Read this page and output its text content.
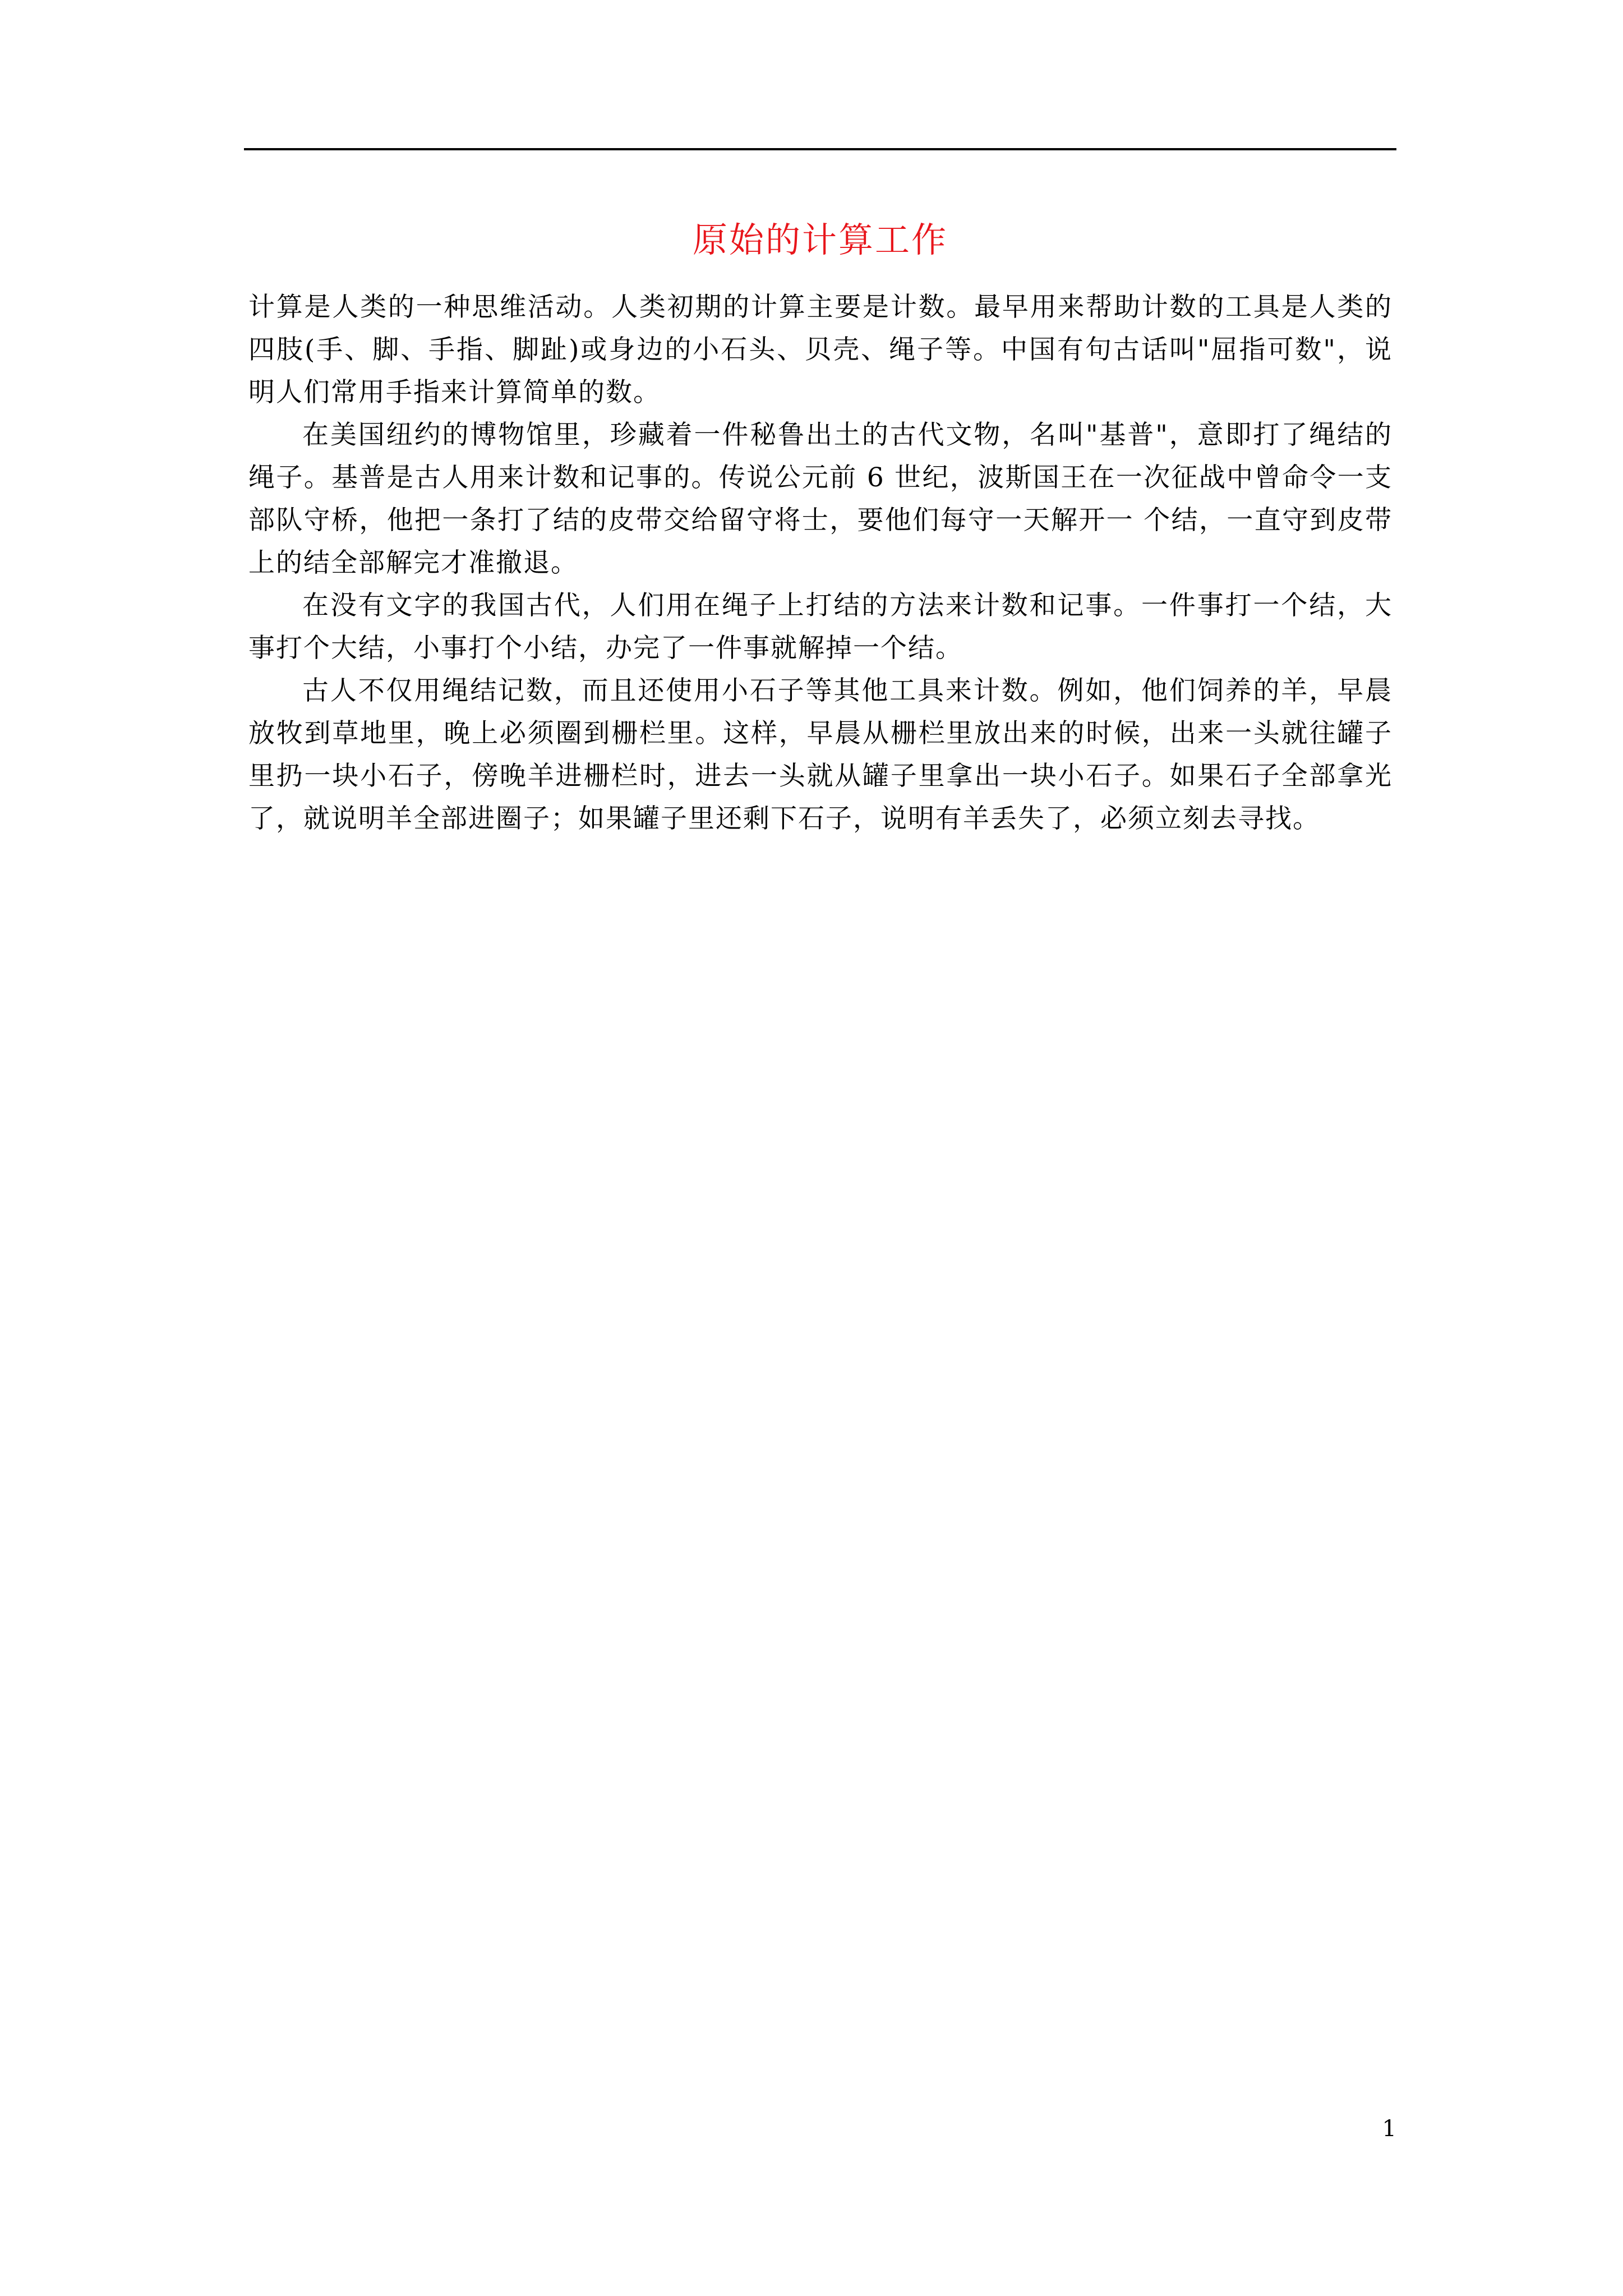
原始的计算工作

计算是人类的一种思维活动。人类初期的计算主要是计数。最早用来帮助计数的工具是人类的四肢(手、脚、手指、脚趾)或身边的小石头、贝壳、绳子等。中国有句古话叫"屈指可数"，说明人们常用手指来计算简单的数。

在美国纽约的博物馆里，珍藏着一件秘鲁出土的古代文物，名叫"基普"，意即打了绳结的绳子。基普是古人用来计数和记事的。传说公元前 6 世纪，波斯国王在一次征战中曾命令一支部队守桥，他把一条打了结的皮带交给留守将士，要他们每守一天解开一 个结，一直守到皮带上的结全部解完才准撤退。

在没有文字的我国古代，人们用在绳子上打结的方法来计数和记事。一件事打一个结，大事打个大结，小事打个小结，办完了一件事就解掉一个结。

古人不仅用绳结记数，而且还使用小石子等其他工具来计数。例如，他们饲养的羊，早晨放牧到草地里，晚上必须圈到栅栏里。这样，早晨从栅栏里放出来的时候，出来一头就往罐子里扔一块小石子，傍晚羊进栅栏时，进去一头就从罐子里拿出一块小石子。如果石子全部拿光了，就说明羊全部进圈子；如果罐子里还剩下石子，说明有羊丢失了，必须立刻去寻找。

1
